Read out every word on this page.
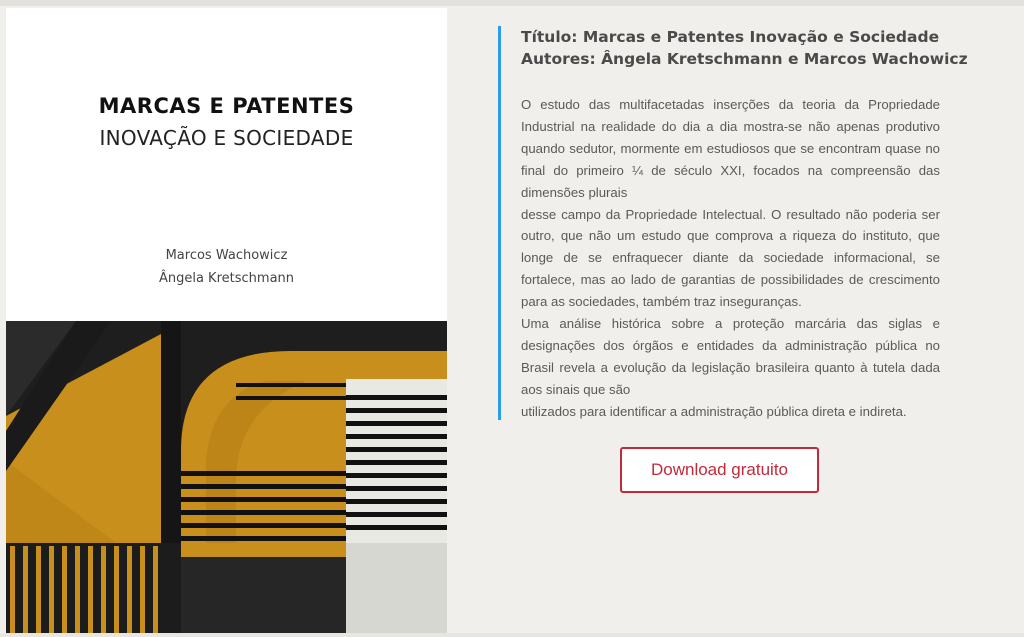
MARCAS E PATENTES
INOVAÇÃO E SOCIEDADE
Marcos Wachowicz
Ângela Kretschmann
Título: Marcas e Patentes Inovação e Sociedade
Autores: Ângela Kretschmann e Marcos Wachowicz

O estudo das multifacetadas inserções da teoria da Propriedade Industrial na realidade do dia a dia mostra-se não apenas produtivo quando sedutor, mormente em estudiosos que se encontram quase no final do primeiro ¼ de século XXI, focados na compreensão das dimensões plurais

desse campo da Propriedade Intelectual. O resultado não poderia ser outro, que não um estudo que comprova a riqueza do instituto, que longe de se enfraquecer diante da sociedade informacional, se fortalece, mas ao lado de garantias de possibilidades de crescimento para as sociedades, também traz inseguranças.

Uma análise histórica sobre a proteção marcária das siglas e designações dos órgãos e entidades da administração pública no Brasil revela a evolução da legislação brasileira quanto à tutela dada aos sinais que são

utilizados para identificar a administração pública direta e indireta.

Download gratuito
